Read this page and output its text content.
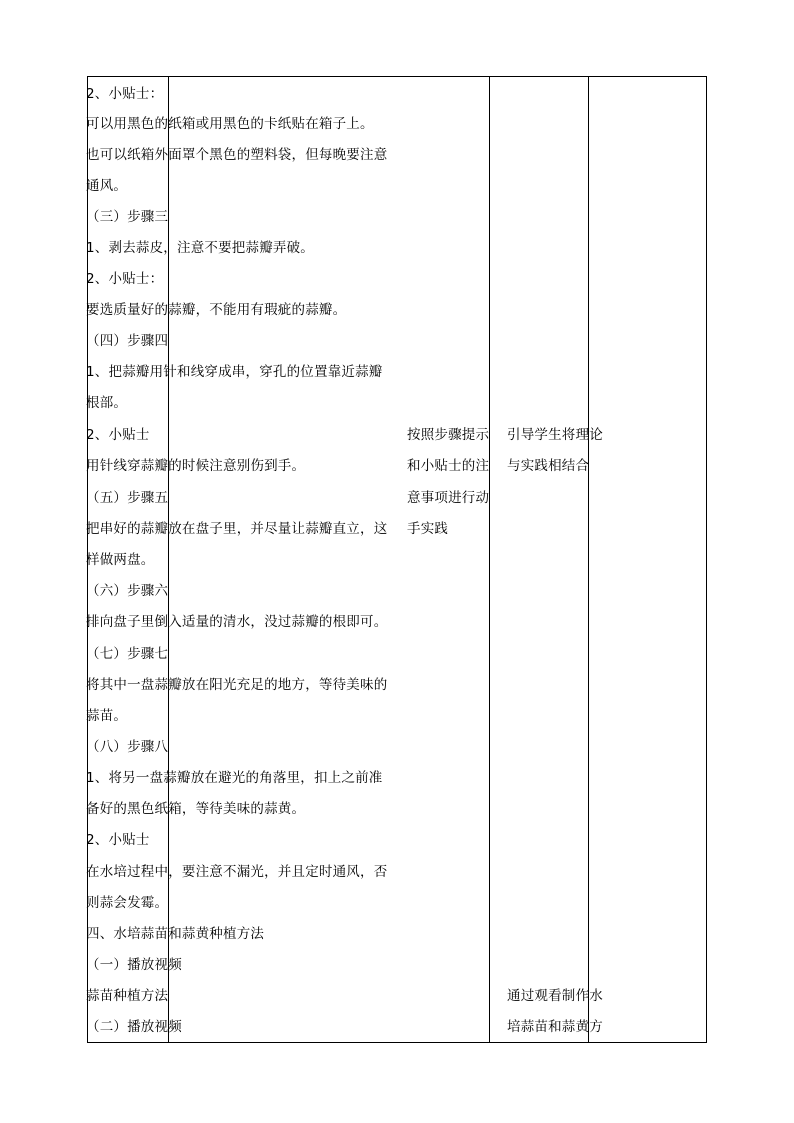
2、小贴士：
可以用黑色的纸箱或用黑色的卡纸贴在箱子上。
也可以纸箱外面罩个黑色的塑料袋，但每晚要注意
通风。
（三）步骤三
1、剥去蒜皮，注意不要把蒜瓣弄破。
2、小贴士：
要选质量好的蒜瓣，不能用有瑕疵的蒜瓣。
（四）步骤四
1、把蒜瓣用针和线穿成串，穿孔的位置靠近蒜瓣
根部。
2、小贴士
用针线穿蒜瓣的时候注意别伤到手。
（五）步骤五
把串好的蒜瓣放在盘子里，并尽量让蒜瓣直立，这
样做两盘。
（六）步骤六
排向盘子里倒入适量的清水，没过蒜瓣的根即可。
（七）步骤七
将其中一盘蒜瓣放在阳光充足的地方，等待美味的
蒜苗。
（八）步骤八
1、将另一盘蒜瓣放在避光的角落里，扣上之前准
备好的黑色纸箱，等待美味的蒜黄。
2、小贴士
在水培过程中，要注意不漏光，并且定时通风，否
则蒜会发霉。
四、水培蒜苗和蒜黄种植方法
（一）播放视频
蒜苗种植方法
（二）播放视频
按照步骤提示
和小贴士的注
意事项进行动
手实践
引导学生将理论
与实践相结合
通过观看制作水
培蒜苗和蒜黄方
